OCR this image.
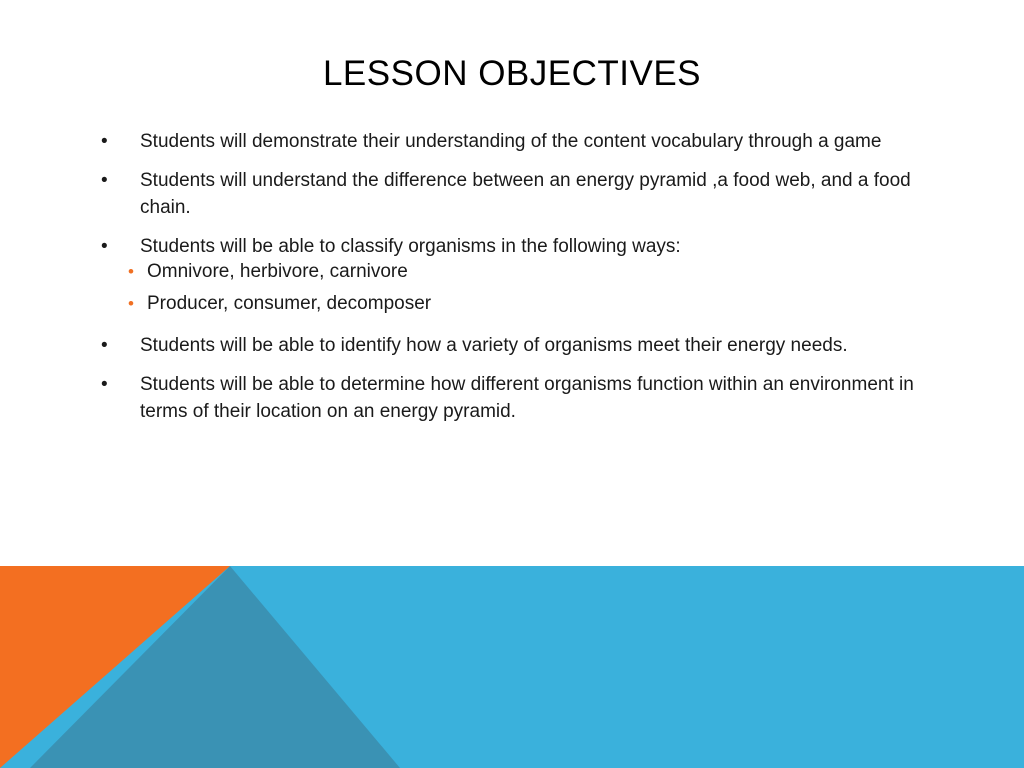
LESSON OBJECTIVES
• Students will demonstrate their understanding of the content vocabulary through a game
• Students will understand the difference between an energy pyramid ,a food web, and a food chain.
• Students will be able to classify organisms in the following ways:
• Omnivore, herbivore, carnivore
• Producer, consumer, decomposer
• Students will be able to identify how a variety of organisms meet their energy needs.
• Students will be able to determine how different organisms function within an environment in terms of their location on an energy pyramid.
